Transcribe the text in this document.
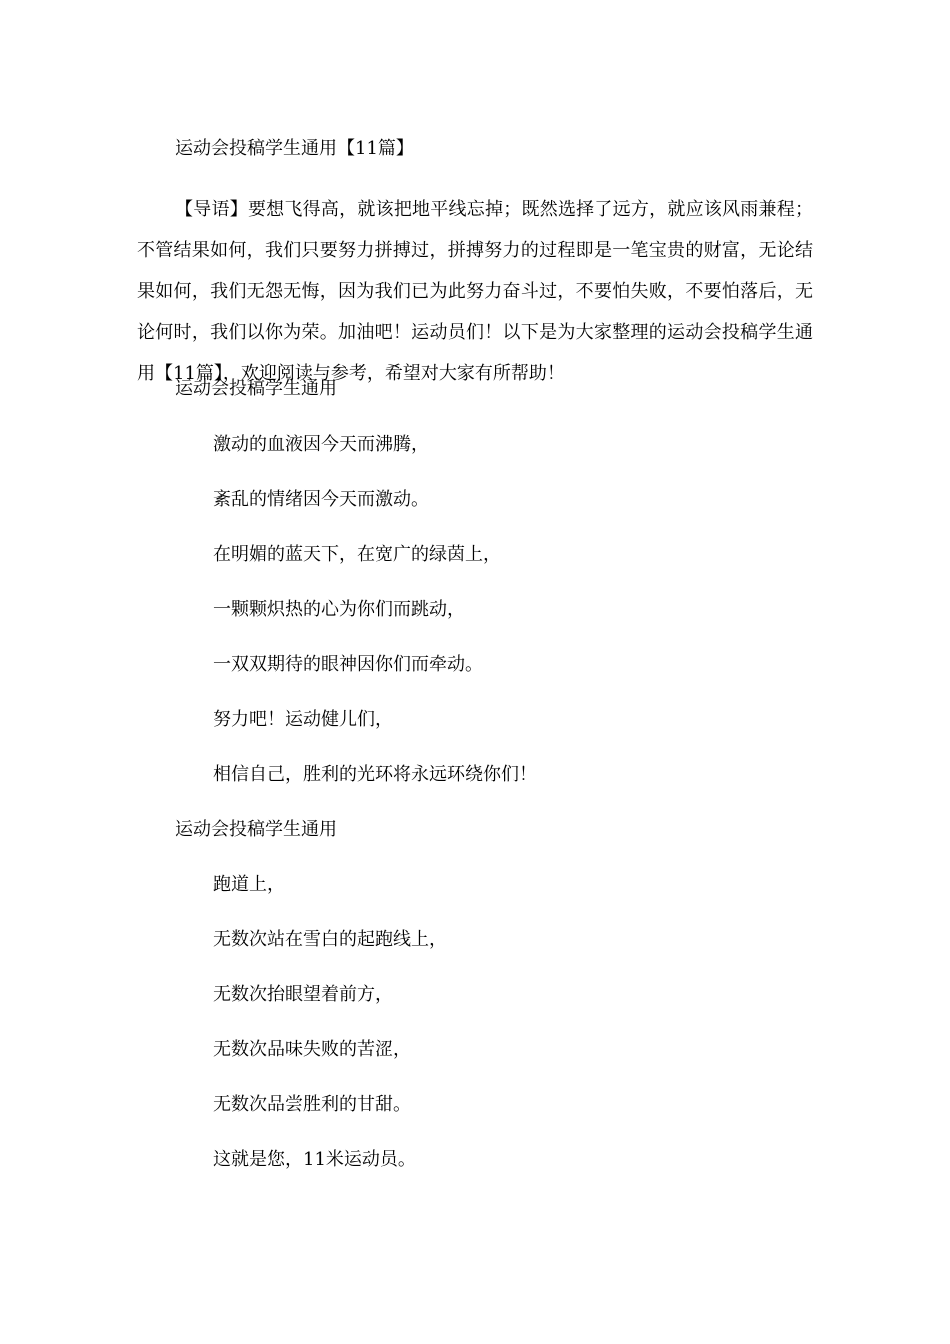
运动会投稿学生通用【11篇】

【导语】要想飞得高，就该把地平线忘掉；既然选择了远方，就应该风雨兼程；不管结果如何，我们只要努力拼搏过，拼搏努力的过程即是一笔宝贵的财富，无论结果如何，我们无怨无悔，因为我们已为此努力奋斗过，不要怕失败，不要怕落后，无论何时，我们以你为荣。加油吧！运动员们！以下是为大家整理的运动会投稿学生通用【11篇】，欢迎阅读与参考，希望对大家有所帮助！

运动会投稿学生通用
激动的血液因今天而沸腾，
紊乱的情绪因今天而激动。
在明媚的蓝天下，在宽广的绿茵上，
一颗颗炽热的心为你们而跳动，
一双双期待的眼神因你们而牵动。
努力吧！运动健儿们，
相信自己，胜利的光环将永远环绕你们！
运动会投稿学生通用
跑道上，
无数次站在雪白的起跑线上，
无数次抬眼望着前方，
无数次品味失败的苦涩，
无数次品尝胜利的甘甜。
这就是您，11米运动员。
